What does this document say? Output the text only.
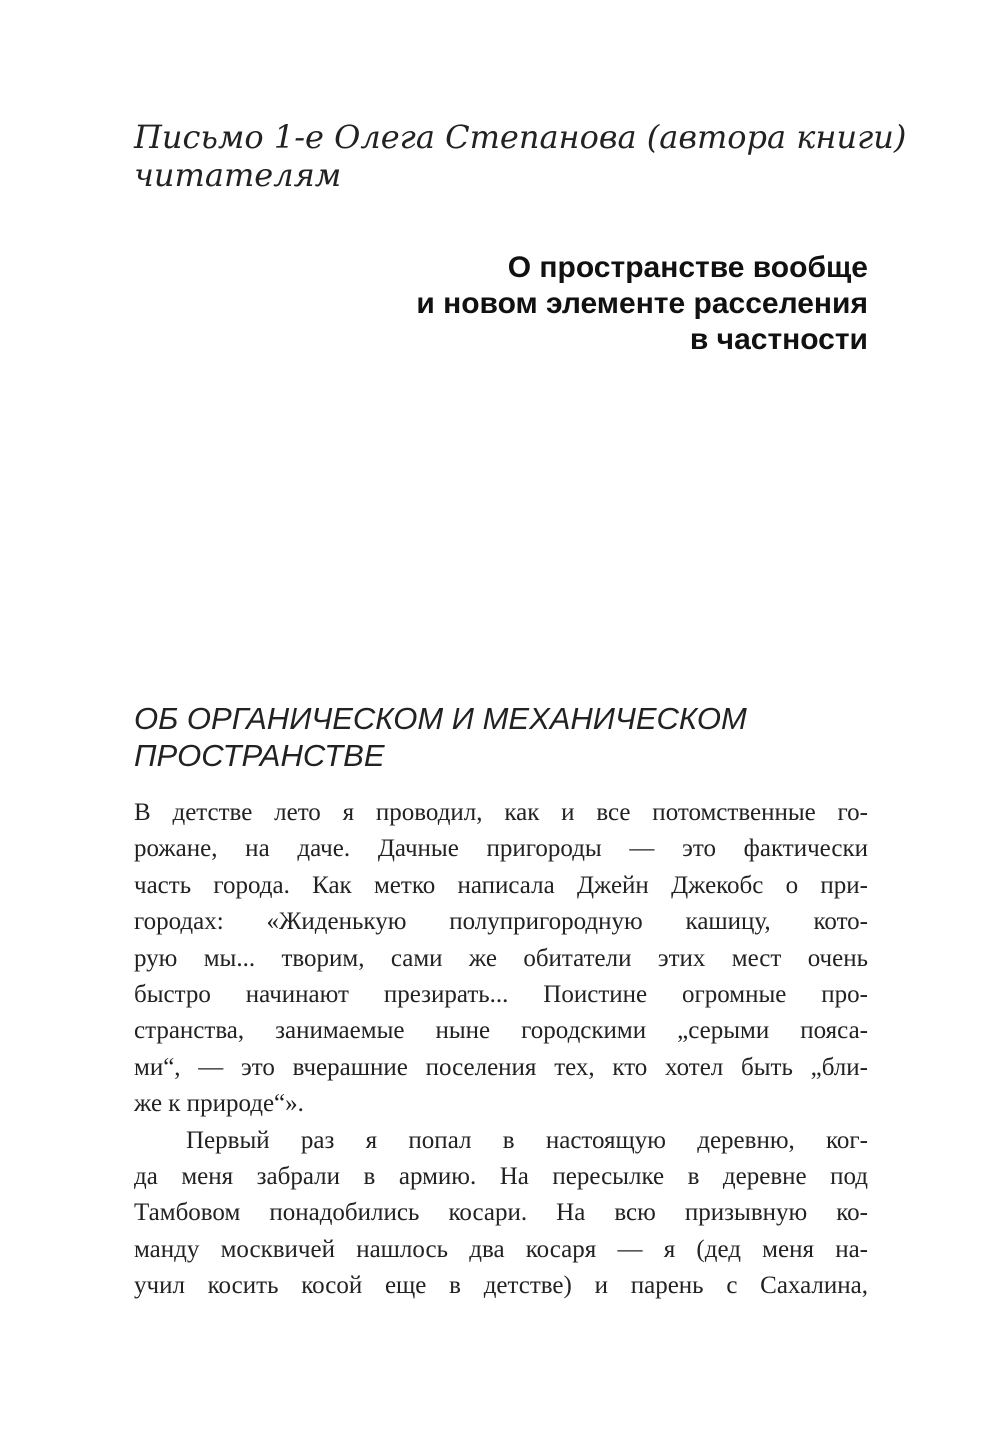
Письмо 1-е Олега Степанова (автора книги)
читателям
О пространстве вообще
и новом элементе расселения
в частности
ОБ ОРГАНИЧЕСКОМ И МЕХАНИЧЕСКОМ
ПРОСТРАНСТВЕ
В детстве лето я проводил, как и все потомственные го-
рожане, на даче. Дачные пригороды — это фактически
часть города. Как метко написала Джейн Джекобс о при-
городах: «Жиденькую полупригородную кашицу, кото-
рую мы... творим, сами же обитатели этих мест очень
быстро начинают презирать... Поистине огромные про-
странства, занимаемые ныне городскими „серыми пояса-
ми“, — это вчерашние поселения тех, кто хотел быть „бли-
же к природе“».
Первый раз я попал в настоящую деревню, ког-
да меня забрали в армию. На пересылке в деревне под
Тамбовом понадобились косари. На всю призывную ко-
манду москвичей нашлось два косаря — я (дед меня на-
учил косить косой еще в детстве) и парень с Сахалина,
